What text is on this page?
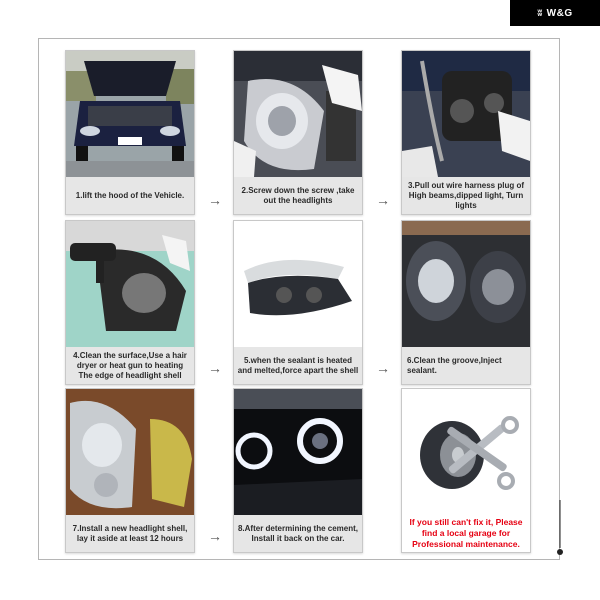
ʬ W&G
1.lift the hood of the Vehicle.	→
2.Screw down the screw ,take out the headlights	→
3.Pull out wire harness plug of High beams,dipped light, Turn lights
4.Clean the surface,Use a hair dryer or heat gun to heating The edge of headlight shell	→	5.when the sealant is heated and melted,force apart the shell →	6.Clean the groove,Inject sealant.
7.Install a new headlight shell, lay it aside at least 12 hours	→	8.After determining the cement, Install it back on the car.
If you still can't fix it, Please find a local garage for Professional maintenance.
